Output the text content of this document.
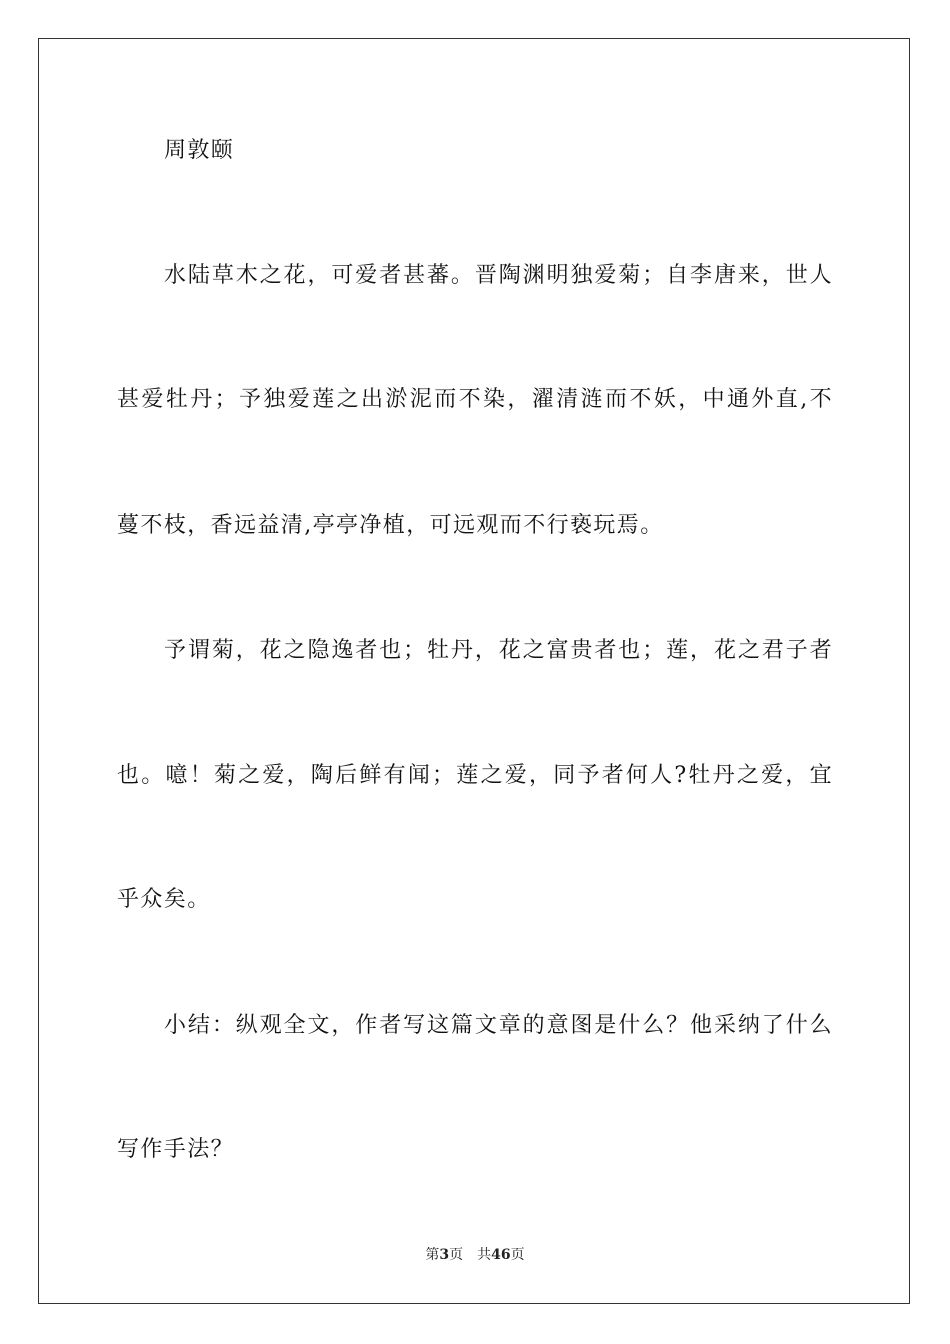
周敦颐
水陆草木之花，可爱者甚蕃。晋陶渊明独爱菊；自李唐来，世人
甚爱牡丹；予独爱莲之出淤泥而不染，濯清涟而不妖，中通外直,不
蔓不枝，香远益清,亭亭净植，可远观而不行亵玩焉。
予谓菊，花之隐逸者也；牡丹，花之富贵者也；莲，花之君子者
也。噫！菊之爱，陶后鲜有闻；莲之爱，同予者何人?牡丹之爱，宜
乎众矣。
小结：纵观全文，作者写这篇文章的意图是什么？他采纳了什么
写作手法？
第3页 共46页
